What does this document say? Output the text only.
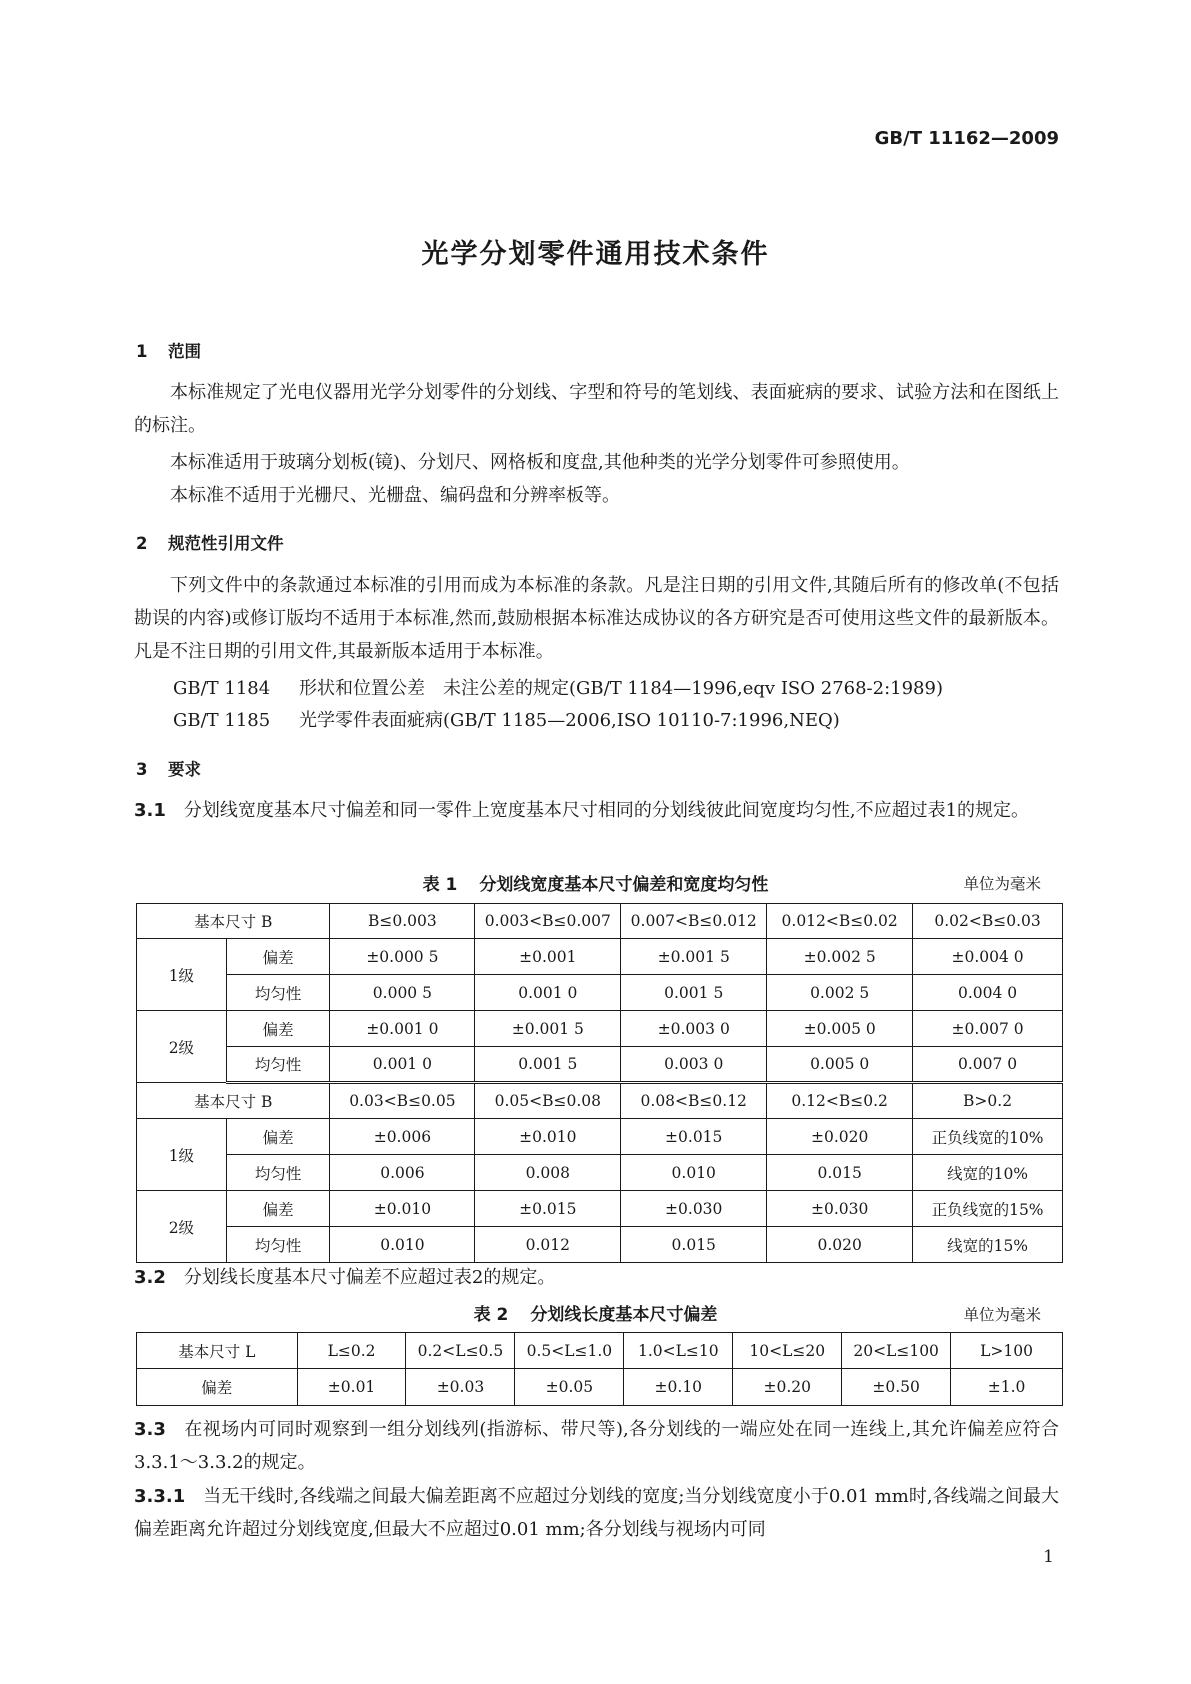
GB/T 11162—2009
光学分划零件通用技术条件
1 范围
本标准规定了光电仪器用光学分划零件的分划线、字型和符号的笔划线、表面疵病的要求、试验方法和在图纸上的标注。
本标准适用于玻璃分划板(镜)、分划尺、网格板和度盘,其他种类的光学分划零件可参照使用。
本标准不适用于光栅尺、光栅盘、编码盘和分辨率板等。
2 规范性引用文件
下列文件中的条款通过本标准的引用而成为本标准的条款。凡是注日期的引用文件,其随后所有的修改单(不包括勘误的内容)或修订版均不适用于本标准,然而,鼓励根据本标准达成协议的各方研究是否可使用这些文件的最新版本。凡是不注日期的引用文件,其最新版本适用于本标准。
GB/T 1184 形状和位置公差　未注公差的规定(GB/T 1184—1996,eqv ISO 2768-2:1989)
GB/T 1185 光学零件表面疵病(GB/T 1185—2006,ISO 10110-7:1996,NEQ)
3 要求
3.1 分划线宽度基本尺寸偏差和同一零件上宽度基本尺寸相同的分划线彼此间宽度均匀性,不应超过表1的规定。
表 1 分划线宽度基本尺寸偏差和宽度均匀性	单位为毫米
基本尺寸 B		B≤0.003	0.003<B≤0.007	0.007<B≤0.012	0.012<B≤0.02	0.02<B≤0.03
1级	偏差	±0.000 5	±0.001	±0.001 5	±0.002 5	±0.004 0
	均匀性	0.000 5	0.001 0	0.001 5	0.002 5	0.004 0
2级	偏差	±0.001 0	±0.001 5	±0.003 0	±0.005 0	±0.007 0
	均匀性	0.001 0	0.001 5	0.003 0	0.005 0	0.007 0
基本尺寸 B		0.03<B≤0.05	0.05<B≤0.08	0.08<B≤0.12	0.12<B≤0.2	B>0.2
1级	偏差	±0.006	±0.010	±0.015	±0.020	正负线宽的10%
	均匀性	0.006	0.008	0.010	0.015	线宽的10%
2级	偏差	±0.010	±0.015	±0.030	±0.030	正负线宽的15%
	均匀性	0.010	0.012	0.015	0.020	线宽的15%
3.2 分划线长度基本尺寸偏差不应超过表2的规定。
表 2 分划线长度基本尺寸偏差	单位为毫米
基本尺寸 L	L≤0.2	0.2<L≤0.5	0.5<L≤1.0	1.0<L≤10	10<L≤20	20<L≤100	L>100
偏差	±0.01	±0.03	±0.05	±0.10	±0.20	±0.50	±1.0
3.3 在视场内可同时观察到一组分划线列(指游标、带尺等),各分划线的一端应处在同一连线上,其允许偏差应符合3.3.1～3.3.2的规定。
3.3.1 当无干线时,各线端之间最大偏差距离不应超过分划线的宽度;当分划线宽度小于0.01 mm时,各线端之间最大偏差距离允许超过分划线宽度,但最大不应超过0.01 mm;各分划线与视场内可同
1
